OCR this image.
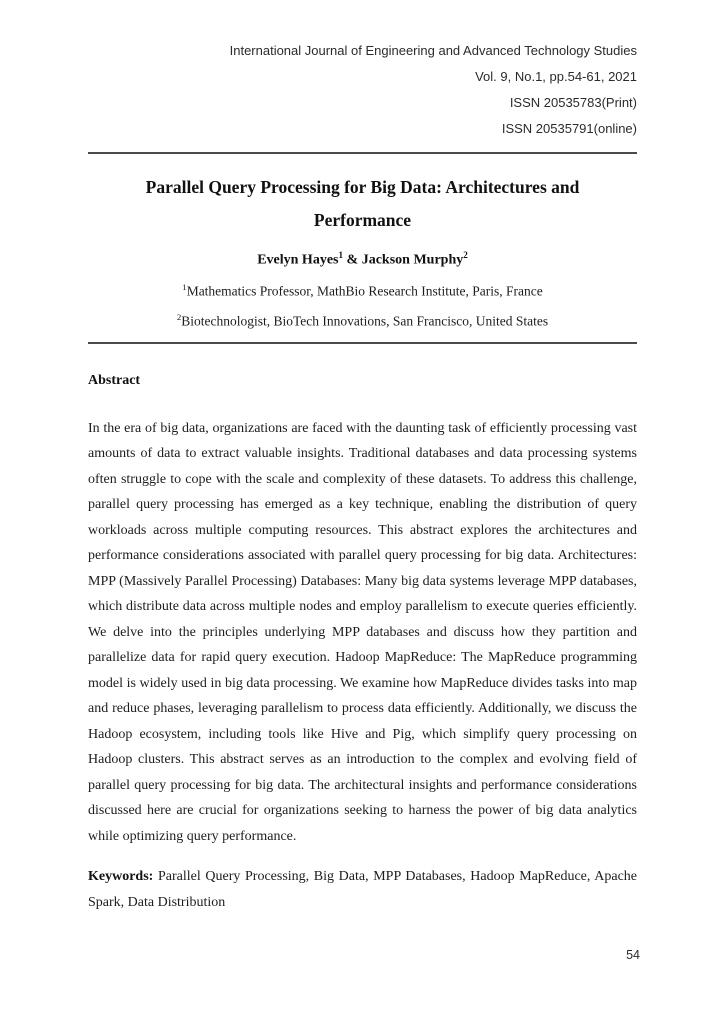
International Journal of Engineering and Advanced Technology Studies
Vol. 9, No.1, pp.54-61, 2021
ISSN 20535783(Print)
ISSN 20535791(online)
Parallel Query Processing for Big Data: Architectures and Performance
Evelyn Hayes$^1$ & Jackson Murphy$^2$
$^1$Mathematics Professor, MathBio Research Institute, Paris, France
$^2$Biotechnologist, BioTech Innovations, San Francisco, United States
Abstract

In the era of big data, organizations are faced with the daunting task of efficiently processing vast amounts of data to extract valuable insights. Traditional databases and data processing systems often struggle to cope with the scale and complexity of these datasets. To address this challenge, parallel query processing has emerged as a key technique, enabling the distribution of query workloads across multiple computing resources. This abstract explores the architectures and performance considerations associated with parallel query processing for big data. Architectures: MPP (Massively Parallel Processing) Databases: Many big data systems leverage MPP databases, which distribute data across multiple nodes and employ parallelism to execute queries efficiently. We delve into the principles underlying MPP databases and discuss how they partition and parallelize data for rapid query execution. Hadoop MapReduce: The MapReduce programming model is widely used in big data processing. We examine how MapReduce divides tasks into map and reduce phases, leveraging parallelism to process data efficiently. Additionally, we discuss the Hadoop ecosystem, including tools like Hive and Pig, which simplify query processing on Hadoop clusters. This abstract serves as an introduction to the complex and evolving field of parallel query processing for big data. The architectural insights and performance considerations discussed here are crucial for organizations seeking to harness the power of big data analytics while optimizing query performance.

Keywords: Parallel Query Processing, Big Data, MPP Databases, Hadoop MapReduce, Apache Spark, Data Distribution

54
